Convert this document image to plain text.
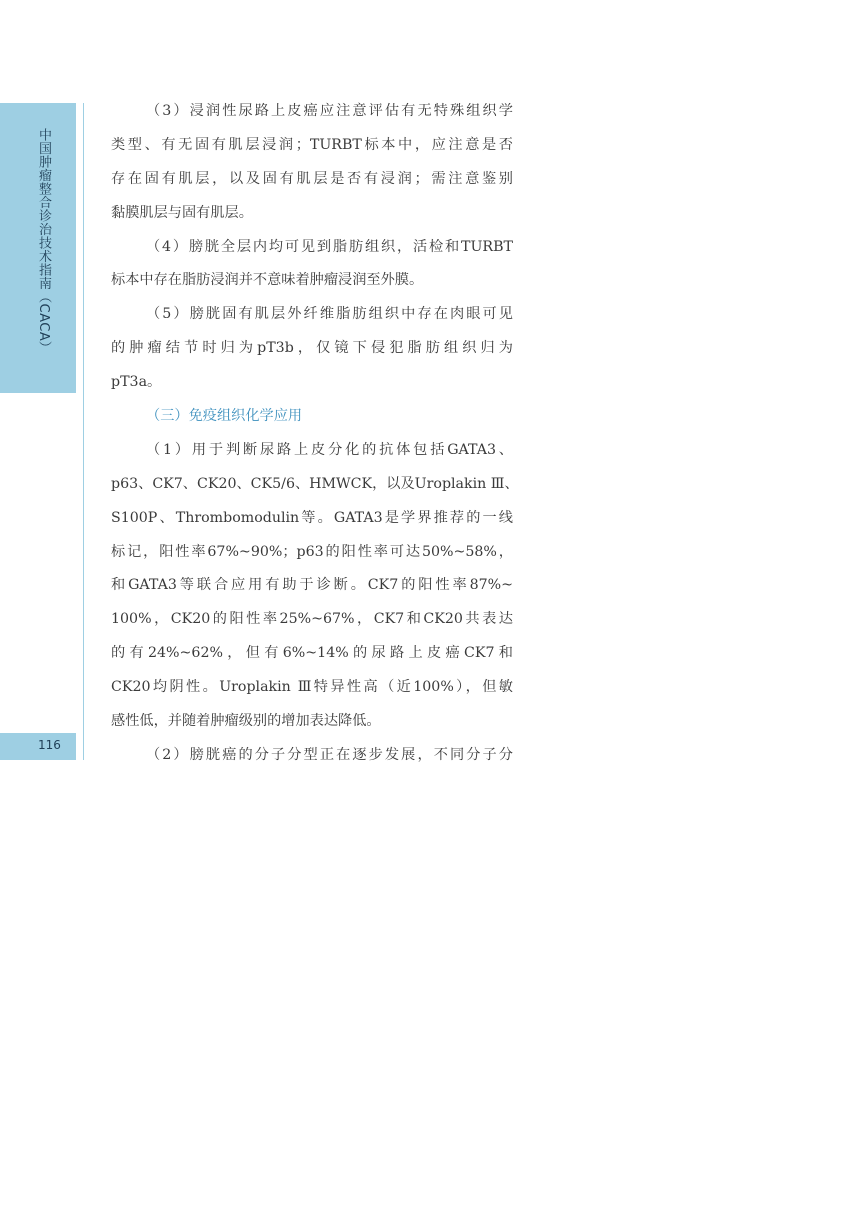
中国肿瘤整合诊治技术指南（CACA）
116
（3）浸润性尿路上皮癌应注意评估有无特殊组织学
类型、有无固有肌层浸润；TURBT标本中，应注意是否
存在固有肌层，以及固有肌层是否有浸润；需注意鉴别
黏膜肌层与固有肌层。
（4）膀胱全层内均可见到脂肪组织，活检和TURBT
标本中存在脂肪浸润并不意味着肿瘤浸润至外膜。
（5）膀胱固有肌层外纤维脂肪组织中存在肉眼可见
的肿瘤结节时归为pT3b，仅镜下侵犯脂肪组织归为
pT3a。
（三）免疫组织化学应用
（1）用于判断尿路上皮分化的抗体包括GATA3、
p63、CK7、CK20、CK5/6、HMWCK，以及Uroplakin Ⅲ、
S100P、Thrombomodulin等。GATA3是学界推荐的一线
标记，阳性率67%~90%；p63的阳性率可达50%~58%，
和GATA3等联合应用有助于诊断。CK7的阳性率87%~
100%，CK20的阳性率25%~67%，CK7和CK20共表达
的有24%~62%，但有6%~14%的尿路上皮癌CK7和
CK20均阴性。Uroplakin Ⅲ特异性高（近100%），但敏
感性低，并随着肿瘤级别的增加表达降低。
（2）膀胱癌的分子分型正在逐步发展，不同分子分
